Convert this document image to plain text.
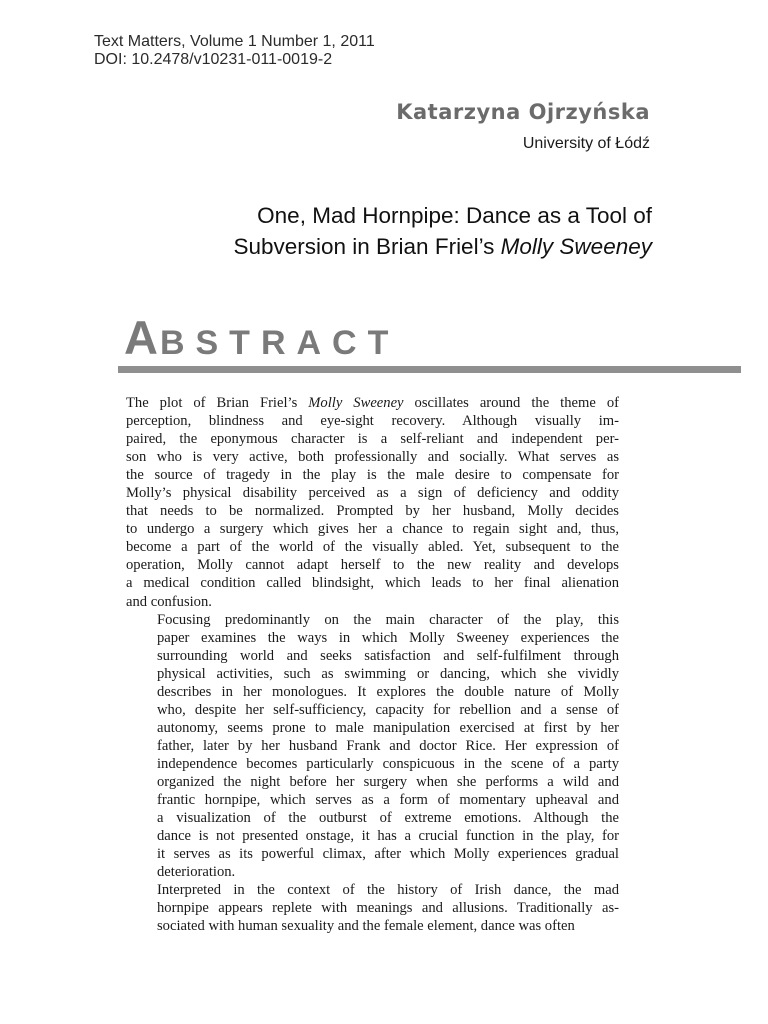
Text Matters, Volume 1 Number 1, 2011
DOI: 10.2478/v10231-011-0019-2
Katarzyna Ojrzyńska
University of Łódź
One, Mad Hornpipe: Dance as a Tool of
Subversion in Brian Friel’s Molly Sweeney
ABSTRACT

The plot of Brian Friel’s Molly Sweeney oscillates around the theme of
perception, blindness and eye-sight recovery. Although visually im-
paired, the eponymous character is a self-reliant and independent per-
son who is very active, both professionally and socially. What serves as
the source of tragedy in the play is the male desire to compensate for
Molly’s physical disability perceived as a sign of deficiency and oddity
that needs to be normalized. Prompted by her husband, Molly decides
to undergo a surgery which gives her a chance to regain sight and, thus,
become a part of the world of the visually abled. Yet, subsequent to the
operation, Molly cannot adapt herself to the new reality and develops
a medical condition called blindsight, which leads to her final alienation
and confusion.

Focusing predominantly on the main character of the play, this
paper examines the ways in which Molly Sweeney experiences the
surrounding world and seeks satisfaction and self-fulfilment through
physical activities, such as swimming or dancing, which she vividly
describes in her monologues. It explores the double nature of Molly
who, despite her self-sufficiency, capacity for rebellion and a sense of
autonomy, seems prone to male manipulation exercised at first by her
father, later by her husband Frank and doctor Rice. Her expression of
independence becomes particularly conspicuous in the scene of a party
organized the night before her surgery when she performs a wild and
frantic hornpipe, which serves as a form of momentary upheaval and
a visualization of the outburst of extreme emotions. Although the
dance is not presented onstage, it has a crucial function in the play, for
it serves as its powerful climax, after which Molly experiences gradual
deterioration.

Interpreted in the context of the history of Irish dance, the mad
hornpipe appears replete with meanings and allusions. Traditionally as-
sociated with human sexuality and the female element, dance was often
